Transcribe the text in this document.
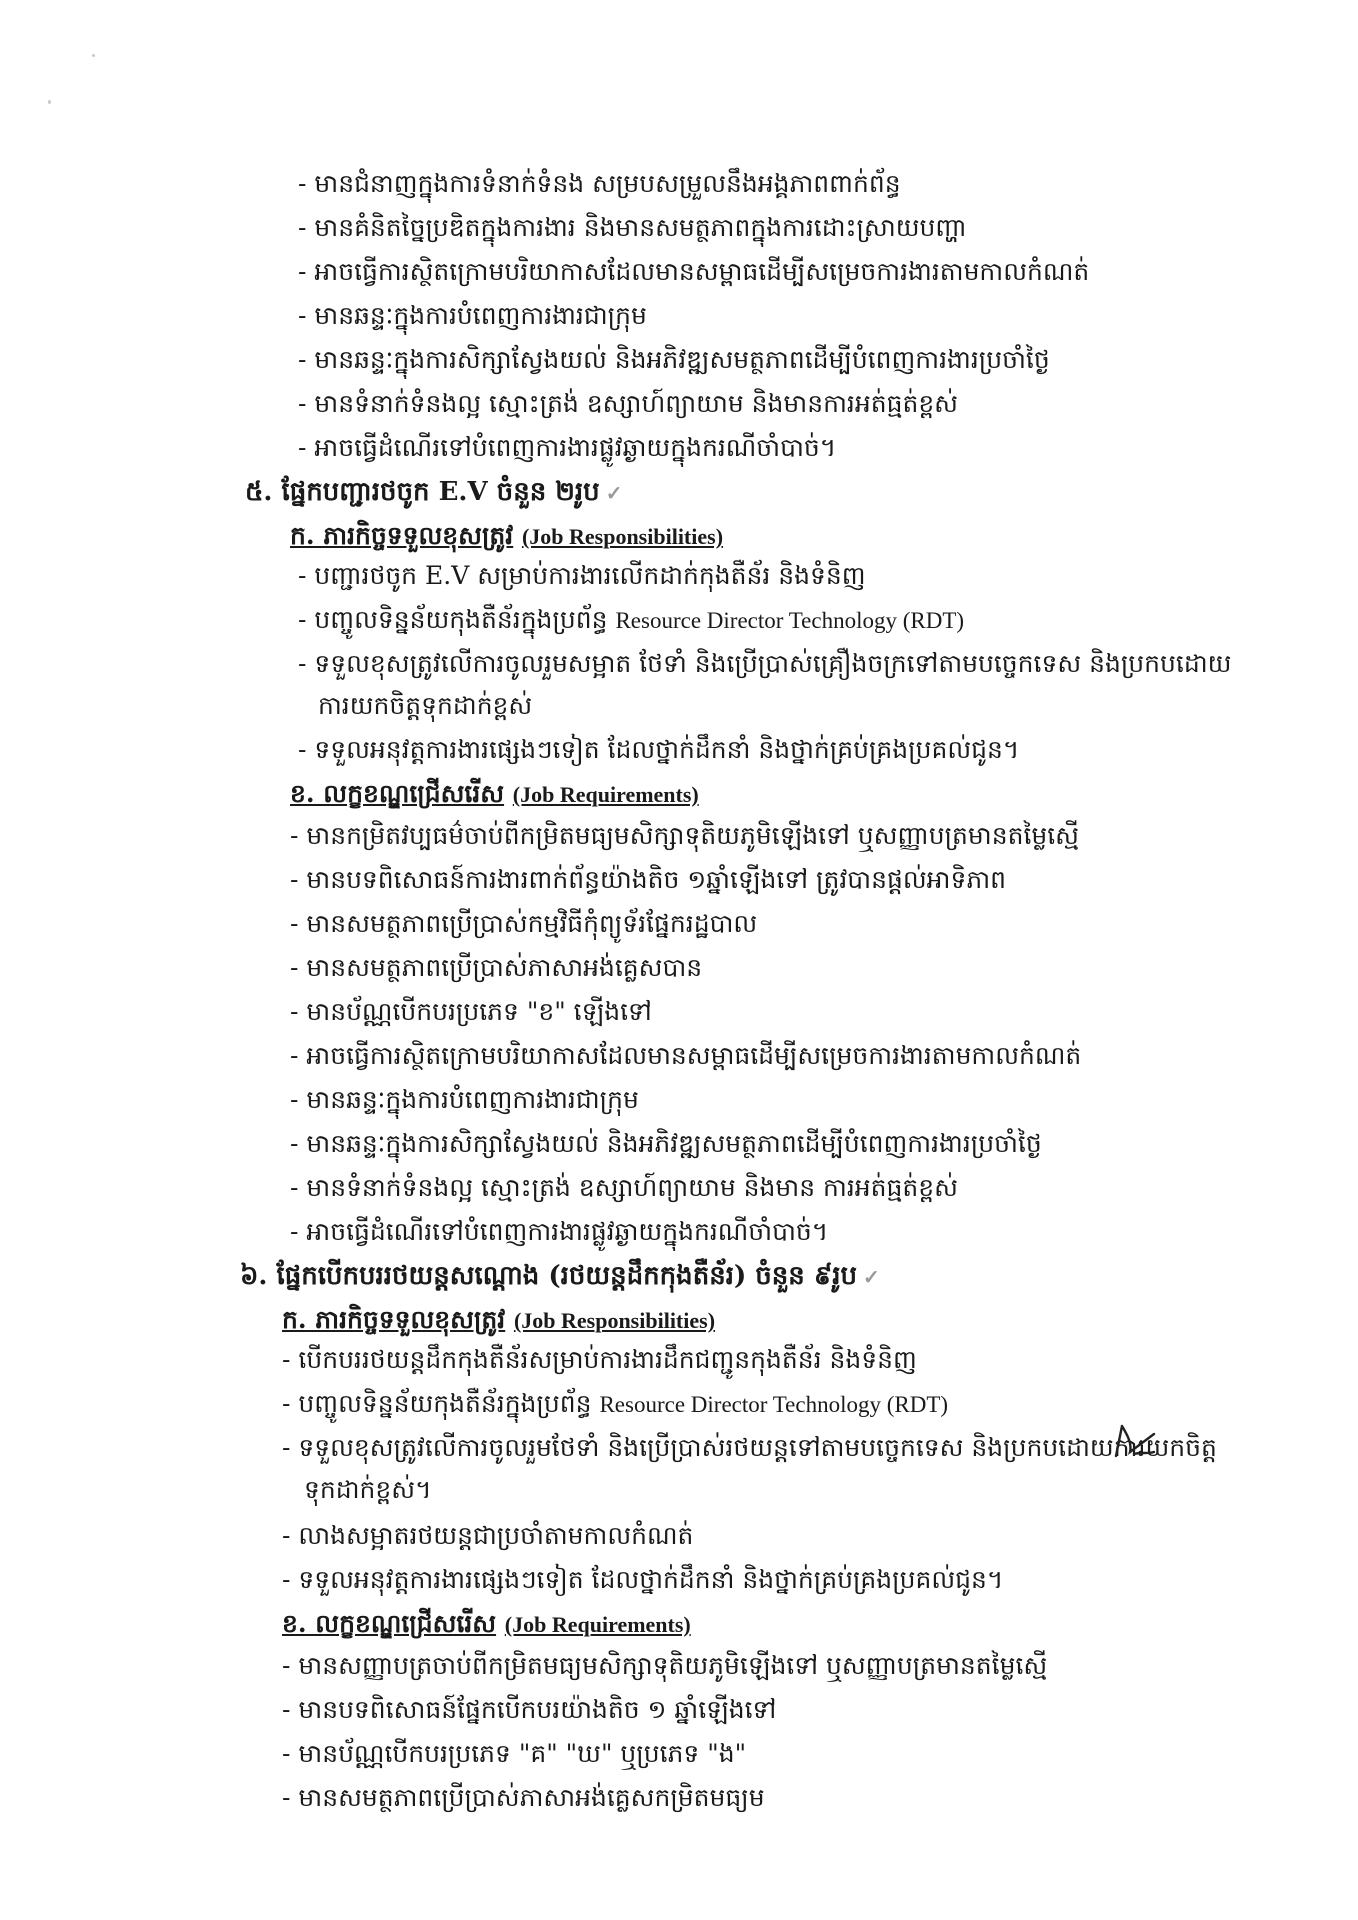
- មានជំនាញក្នុងការទំនាក់ទំនង សម្របសម្រួលនឹងអង្គភាពពាក់ព័ន្ធ
- មានគំនិតច្នៃប្រឌិតក្នុងការងារ និងមានសមត្ថភាពក្នុងការដោះស្រាយបញ្ហា
- អាចធ្វើការស្ថិតក្រោមបរិយាកាសដែលមានសម្ពាធដើម្បីសម្រេចការងារតាមកាលកំណត់
- មានឆន្ទៈក្នុងការបំពេញការងារជាក្រុម
- មានឆន្ទៈក្នុងការសិក្សាស្វែងយល់ និងអភិវឌ្ឍសមត្ថភាពដើម្បីបំពេញការងារប្រចាំថ្ងៃ
- មានទំនាក់ទំនងល្អ ស្មោះត្រង់ ឧស្សាហ៍ព្យាយាម និងមានការអត់ធ្មត់ខ្ពស់
- អាចធ្វើដំណើរទៅបំពេញការងារផ្លូវឆ្ងាយក្នុងករណីចាំបាច់។
៥. ផ្នែកបញ្ជារថចូក E.V ចំនួន ២រូប ✓
ក. ភារកិច្ចទទួលខុសត្រូវ (Job Responsibilities)
- បញ្ជារថចូក E.V សម្រាប់ការងារលើកដាក់កុងតឺន័រ និងទំនិញ
- បញ្ចូលទិន្នន័យកុងតឺន័រក្នុងប្រព័ន្ធ Resource Director Technology (RDT)
- ទទួលខុសត្រូវលើការចូលរួមសម្អាត ថែទាំ និងប្រើប្រាស់គ្រឿងចក្រទៅតាមបច្ចេកទេស និងប្រកបដោយ
ការយកចិត្តទុកដាក់ខ្ពស់
- ទទួលអនុវត្តការងារផ្សេងៗទៀត ដែលថ្នាក់ដឹកនាំ និងថ្នាក់គ្រប់គ្រងប្រគល់ជូន។
ខ. លក្ខខណ្ឌជ្រើសរើស (Job Requirements)
- មានកម្រិតវប្បធម៌ចាប់ពីកម្រិតមធ្យមសិក្សាទុតិយភូមិឡើងទៅ ឬសញ្ញាបត្រមានតម្លៃស្មើ
- មានបទពិសោធន៍ការងារពាក់ព័ន្ធយ៉ាងតិច ១ឆ្នាំឡើងទៅ ត្រូវបានផ្តល់អាទិភាព
- មានសមត្ថភាពប្រើប្រាស់កម្មវិធីកុំព្យូទ័រផ្នែករដ្ឋបាល
- មានសមត្ថភាពប្រើប្រាស់ភាសាអង់គ្លេសបាន
- មានប័ណ្ណបើកបរប្រភេទ "ខ" ឡើងទៅ
- អាចធ្វើការស្ថិតក្រោមបរិយាកាសដែលមានសម្ពាធដើម្បីសម្រេចការងារតាមកាលកំណត់
- មានឆន្ទៈក្នុងការបំពេញការងារជាក្រុម
- មានឆន្ទៈក្នុងការសិក្សាស្វែងយល់ និងអភិវឌ្ឍសមត្ថភាពដើម្បីបំពេញការងារប្រចាំថ្ងៃ
- មានទំនាក់ទំនងល្អ ស្មោះត្រង់ ឧស្សាហ៍ព្យាយាម និងមាន ការអត់ធ្មត់ខ្ពស់
- អាចធ្វើដំណើរទៅបំពេញការងារផ្លូវឆ្ងាយក្នុងករណីចាំបាច់។
៦. ផ្នែកបើកបររថយន្តសណ្តោង (រថយន្តដឹកកុងតឺន័រ) ចំនួន ៩រូប ✓
ក. ភារកិច្ចទទួលខុសត្រូវ (Job Responsibilities)
- បើកបររថយន្តដឹកកុងតឺន័រសម្រាប់ការងារដឹកជញ្ជូនកុងតឺន័រ និងទំនិញ
- បញ្ចូលទិន្នន័យកុងតឺន័រក្នុងប្រព័ន្ធ Resource Director Technology (RDT)
- ទទួលខុសត្រូវលើការចូលរួមថែទាំ និងប្រើប្រាស់រថយន្តទៅតាមបច្ចេកទេស និងប្រកបដោយការយកចិត្ត
ទុកដាក់ខ្ពស់។
- លាងសម្អាតរថយន្តជាប្រចាំតាមកាលកំណត់
- ទទួលអនុវត្តការងារផ្សេងៗទៀត ដែលថ្នាក់ដឹកនាំ និងថ្នាក់គ្រប់គ្រងប្រគល់ជូន។
ខ. លក្ខខណ្ឌជ្រើសរើស (Job Requirements)
- មានសញ្ញាបត្រចាប់ពីកម្រិតមធ្យមសិក្សាទុតិយភូមិឡើងទៅ ឬសញ្ញាបត្រមានតម្លៃស្មើ
- មានបទពិសោធន៍ផ្នែកបើកបរយ៉ាងតិច ១ ឆ្នាំឡើងទៅ
- មានប័ណ្ណបើកបរប្រភេទ "គ" "ឃ" ឬប្រភេទ "ង"
- មានសមត្ថភាពប្រើប្រាស់ភាសាអង់គ្លេសកម្រិតមធ្យម
